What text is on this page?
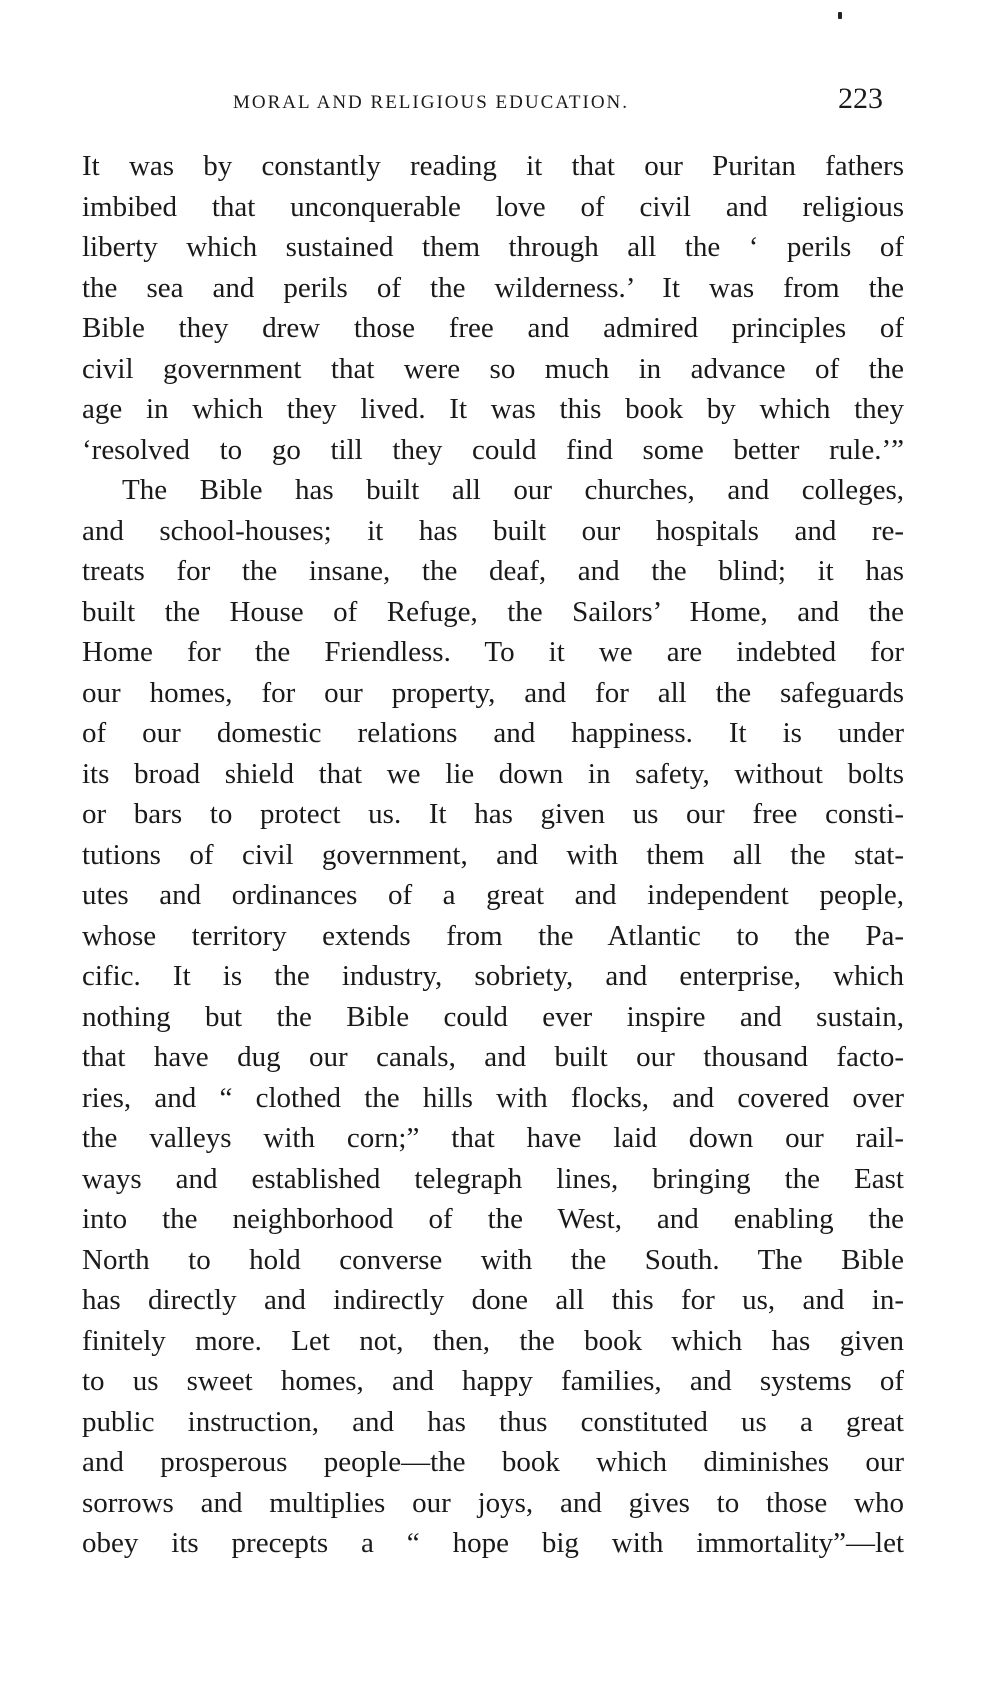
MORAL AND RELIGIOUS EDUCATION.	223
It was by constantly reading it that our Puritan fathers
imbibed that unconquerable love of civil and religious
liberty which sustained them through all the ‘ perils of
the sea and perils of the wilderness.’ It was from the
Bible they drew those free and admired principles of
civil government that were so much in advance of the
age in which they lived. It was this book by which they
‘resolved to go till they could find some better rule.’”
The Bible has built all our churches, and colleges,
and school-houses; it has built our hospitals and re-
treats for the insane, the deaf, and the blind; it has
built the House of Refuge, the Sailors’ Home, and the
Home for the Friendless. To it we are indebted for
our homes, for our property, and for all the safeguards
of our domestic relations and happiness. It is under
its broad shield that we lie down in safety, without bolts
or bars to protect us. It has given us our free consti-
tutions of civil government, and with them all the stat-
utes and ordinances of a great and independent people,
whose territory extends from the Atlantic to the Pa-
cific. It is the industry, sobriety, and enterprise, which
nothing but the Bible could ever inspire and sustain,
that have dug our canals, and built our thousand facto-
ries, and “ clothed the hills with flocks, and covered over
the valleys with corn;” that have laid down our rail-
ways and established telegraph lines, bringing the East
into the neighborhood of the West, and enabling the
North to hold converse with the South. The Bible
has directly and indirectly done all this for us, and in-
finitely more. Let not, then, the book which has given
to us sweet homes, and happy families, and systems of
public instruction, and has thus constituted us a great
and prosperous people—the book which diminishes our
sorrows and multiplies our joys, and gives to those who
obey its precepts a “ hope big with immortality”—let
